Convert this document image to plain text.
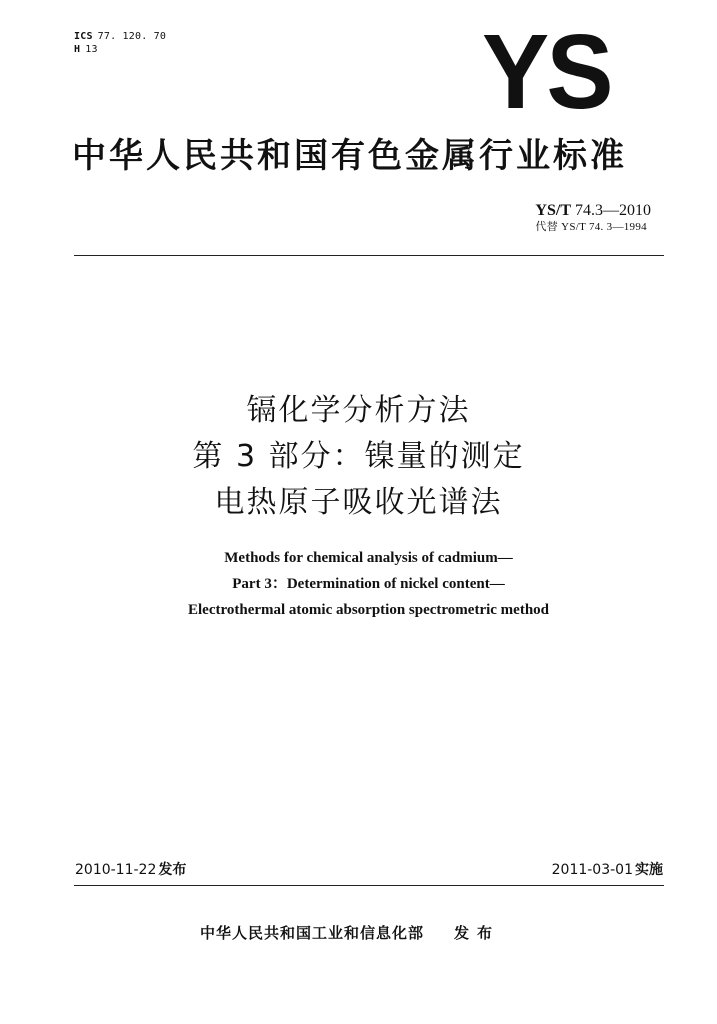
ICS 77. 120. 70
H 13	YS
中华人民共和国有色金属行业标准
YS/T 74.3—2010
代替 YS/T 74. 3—1994
镉化学分析方法
第 3 部分：镍量的测定
电热原子吸收光谱法
Methods for chemical analysis of cadmium—
Part 3：Determination of nickel content—
Electrothermal atomic absorption spectrometric method
2010-11-22 发布	2011-03-01 实施
中华人民共和国工业和信息化部 发布
